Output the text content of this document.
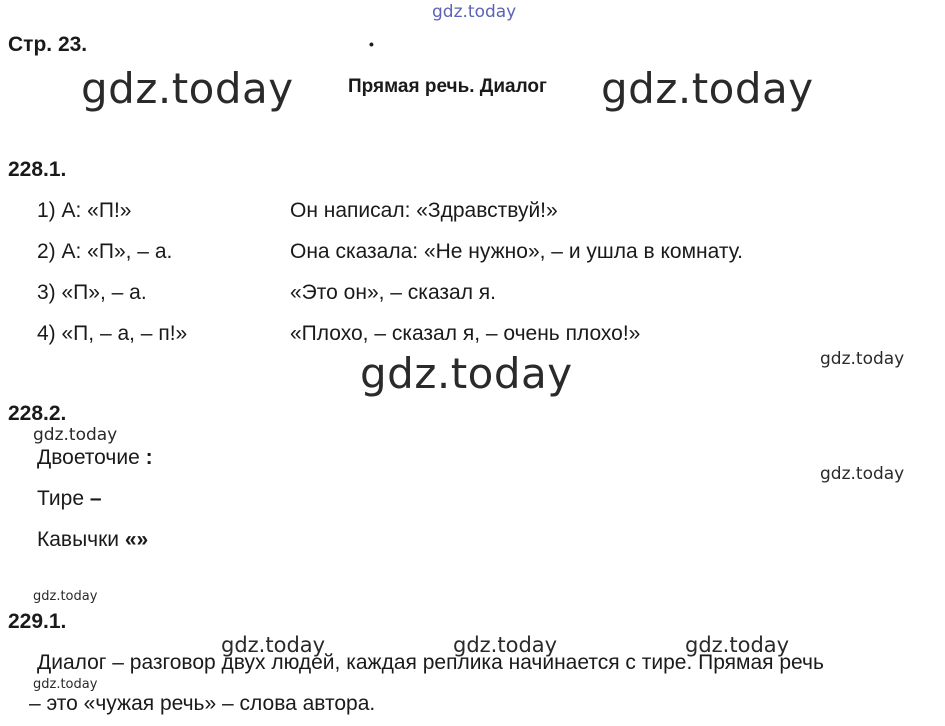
gdz.today
Стр. 23.	•
gdz.today	Прямая речь. Диалог gdz.today
228.1.
1) А: «П!»	Он написал: «Здравствуй!»
2) А: «П», – а.	Она сказала: «Не нужно», – и ушла в комнату.
3) «П», – а.	«Это он», – сказал я.
4) «П, – а, – п!»	«Плохо, – сказал я, – очень плохо!»
gdz.today
gdz.today
228.2.
gdz.today
Двоеточие :
gdz.today
Тире –
Кавычки «»
gdz.today
229.1.
gdz.today	gdz.today	gdz.today
Диалог – разговор двух людей, каждая реплика начинается с тире. Прямая речь
gdz.today
– это «чужая речь» – слова автора.
